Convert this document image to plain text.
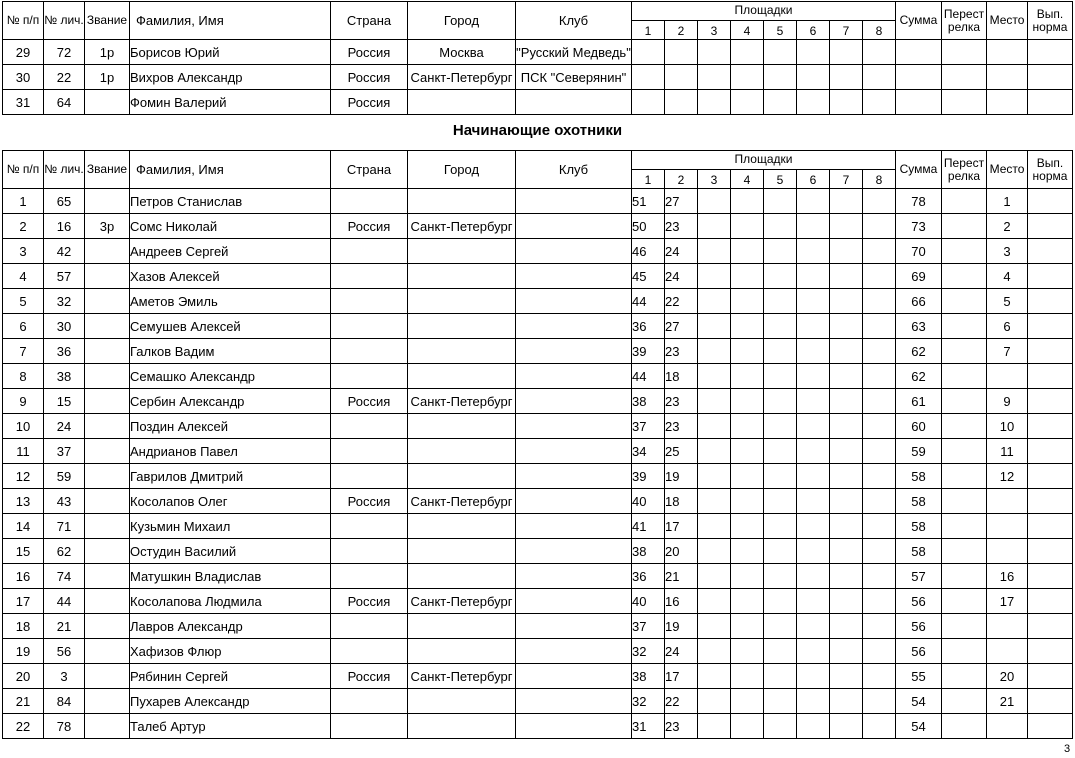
№ п/п	№ лич.	Звание	Фамилия, Имя	Страна	Город	Клуб	Площадки								Сумма	Перест релка	Место	Вып. норма
							1	2	3	4	5	6	7	8				
29	72	1р	Борисов Юрий	Россия	Москва	"Русский Медведь"												
30	22	1р	Вихров Александр	Россия	Санкт-Петербург	ПСК "Северянин"												
31	64		Фомин Валерий	Россия														
Начинающие охотники
№ п/п	№ лич.	Звание	Фамилия, Имя	Страна	Город	Клуб	Площадки								Сумма	Перест релка	Место	Вып. норма
							1	2	3	4	5	6	7	8				
1	65		Петров Станислав				51	27							78		1	
2	16	3р	Сомс Николай	Россия	Санкт-Петербург		50	23							73		2	
3	42		Андреев Сергей				46	24							70		3	
4	57		Хазов Алексей				45	24							69		4	
5	32		Аметов Эмиль				44	22							66		5	
6	30		Семушев Алексей				36	27							63		6	
7	36		Галков Вадим				39	23							62		7	
8	38		Семашко Александр				44	18							62			
9	15		Сербин Александр	Россия	Санкт-Петербург		38	23							61		9	
10	24		Поздин Алексей				37	23							60		10	
11	37		Андрианов Павел				34	25							59		11	
12	59		Гаврилов Дмитрий				39	19							58		12	
13	43		Косолапов Олег	Россия	Санкт-Петербург		40	18							58			
14	71		Кузьмин Михаил				41	17							58			
15	62		Остудин Василий				38	20							58			
16	74		Матушкин Владислав				36	21							57		16	
17	44		Косолапова Людмила	Россия	Санкт-Петербург		40	16							56		17	
18	21		Лавров Александр				37	19							56			
19	56		Хафизов Флюр				32	24							56			
20	3		Рябинин Сергей	Россия	Санкт-Петербург		38	17							55		20	
21	84		Пухарев Александр				32	22							54		21	
22	78		Талеб Артур				31	23							54			
3
